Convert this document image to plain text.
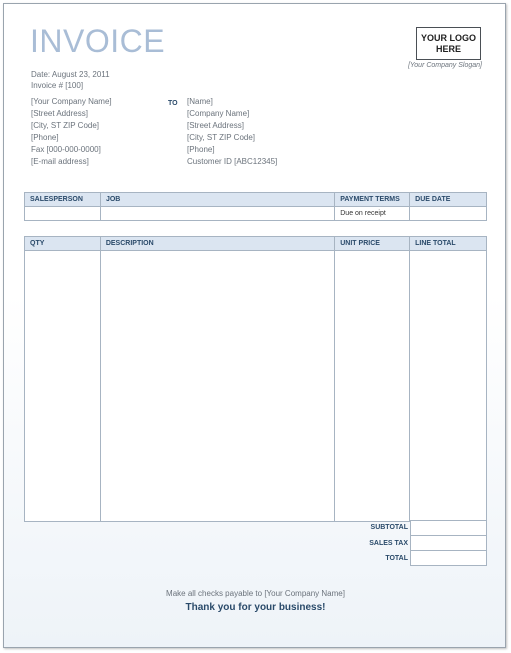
INVOICE
Date: August 23, 2011
Invoice # [100]
YOUR LOGO HERE
[Your Company Slogan]
[Your Company Name]
[Street Address]
[City, ST ZIP Code]
[Phone]
Fax [000-000-0000]
[E-mail address]
TO [Name]
[Company Name]
[Street Address]
[City, ST ZIP Code]
[Phone]
Customer ID [ABC12345]
SALESPERSON	JOB	PAYMENT TERMS	DUE DATE
		Due on receipt	
QTY	DESCRIPTION	UNIT PRICE	LINE TOTAL

SUBTOTAL
SALES TAX
TOTAL
Make all checks payable to [Your Company Name]
Thank you for your business!
